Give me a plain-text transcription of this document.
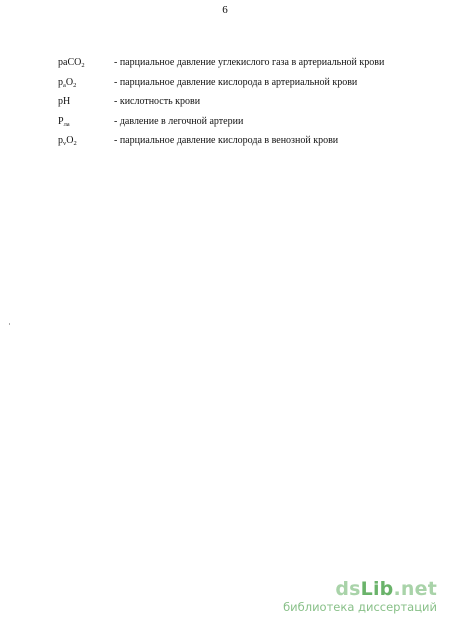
6
paCO$_2$	- парциальное давление углекислого газа в артериальной крови
$p_aO_2$	- парциальное давление кислорода в артериальной крови
pH	- кислотность крови
$P_{ла}$	- давление в легочной артерии
$p_vO_2$	- парциальное давление кислорода в венозной крови
dsLib.net
библиотека диссертаций
